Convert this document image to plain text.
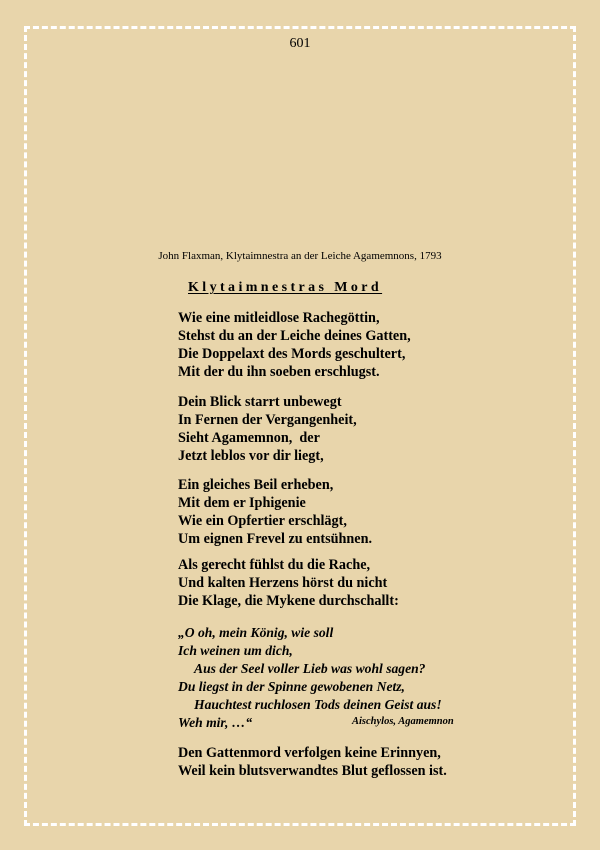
601
John Flaxman, Klytaimnestra an der Leiche Agamemnons, 1793
Klytaimnestras Mord
Wie eine mitleidlose Rachegöttin,
Stehst du an der Leiche deines Gatten,
Die Doppelaxt des Mords geschultert,
Mit der du ihn soeben erschlugst.
Dein Blick starrt unbewegt
In Fernen der Vergangenheit,
Sieht Agamemnon,  der
Jetzt leblos vor dir liegt,
Ein gleiches Beil erheben,
Mit dem er Iphigenie
Wie ein Opfertier erschlägt,
Um eignen Frevel zu entsühnen.
Als gerecht fühlst du die Rache,
Und kalten Herzens hörst du nicht
Die Klage, die Mykene durchschallt:
„O oh, mein König, wie soll
Ich weinen um dich,
Aus der Seel voller Lieb was wohl sagen?
Du liegst in der Spinne gewobenen Netz,
Hauchtest ruchlosen Tods deinen Geist aus!
Weh mir, …“	Aischylos, Agamemnon
Den Gattenmord verfolgen keine Erinnyen,
Weil kein blutsverwandtes Blut geflossen ist.
